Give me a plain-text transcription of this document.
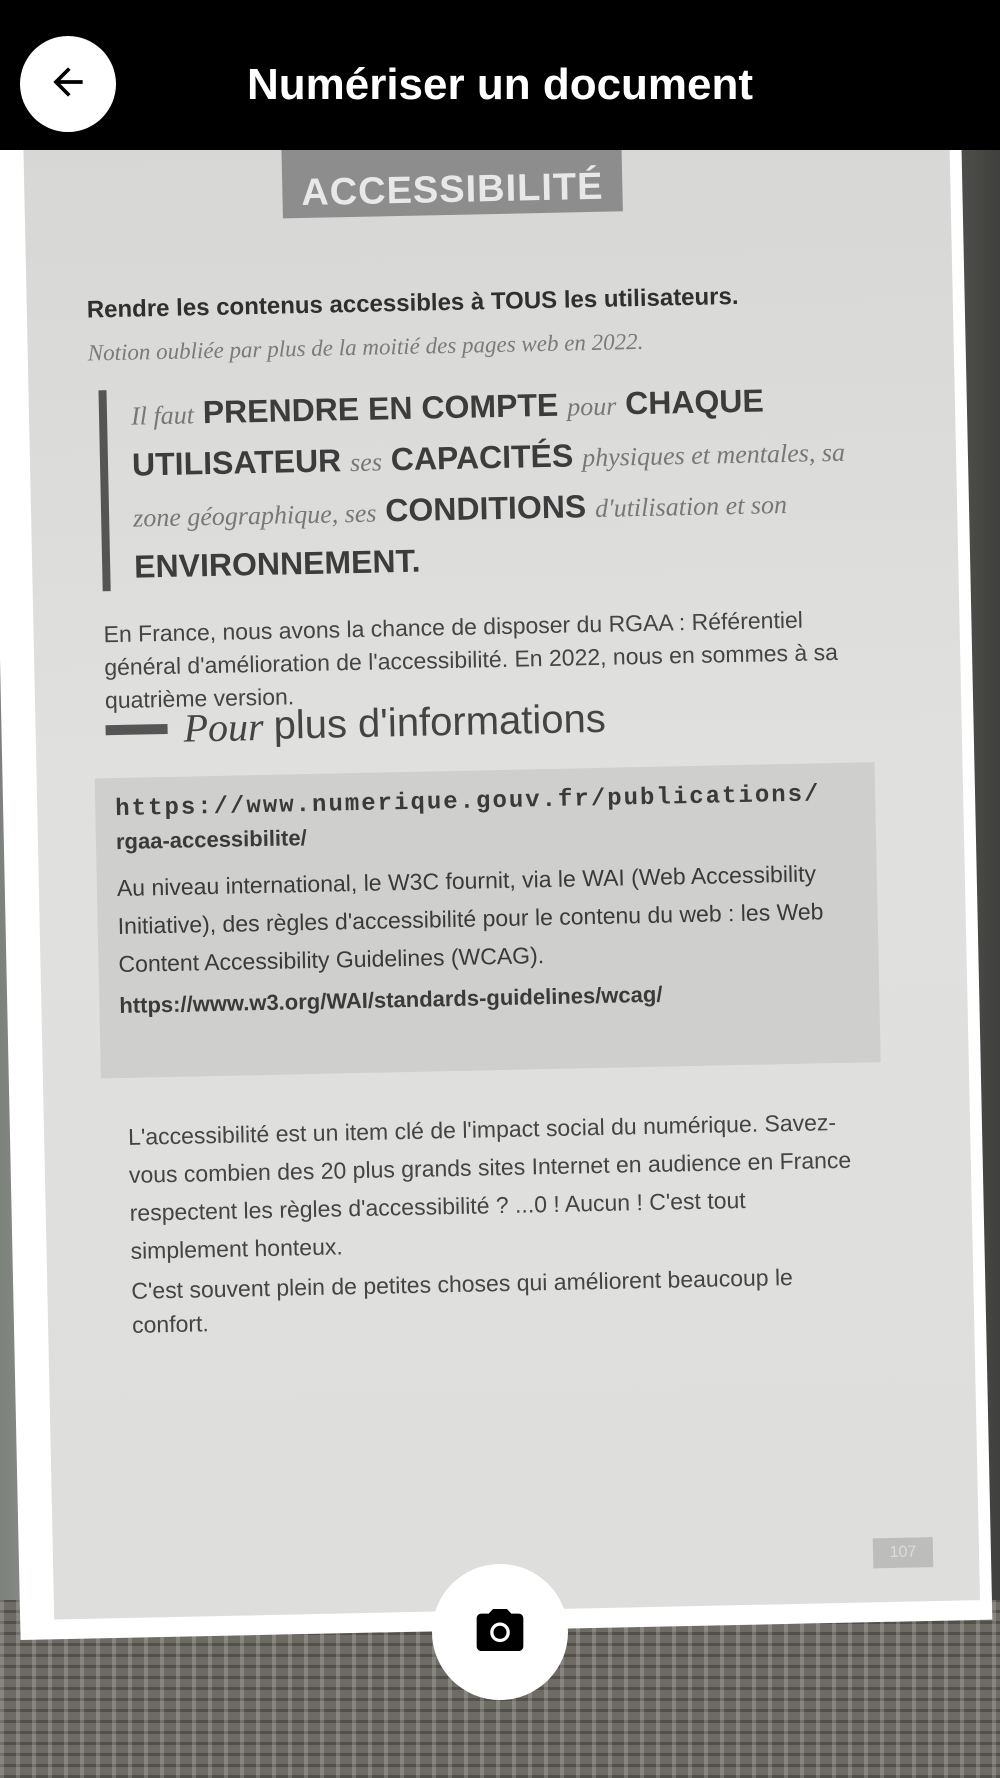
ACCESSIBILITÉ
Rendre les contenus accessibles à TOUS les utilisateurs.
Notion oubliée par plus de la moitié des pages web en 2022.
Il faut PRENDRE EN COMPTE pour CHAQUE UTILISATEUR ses CAPACITÉS physiques et mentales, sa zone géographique, ses CONDITIONS d'utilisation et son ENVIRONNEMENT.
En France, nous avons la chance de disposer du RGAA : Référentiel général d'amélioration de l'accessibilité. En 2022, nous en sommes à sa quatrième version.
Pour plus d'informations
https://www.numerique.gouv.fr/publications/
rgaa-accessibilite/
Au niveau international, le W3C fournit, via le WAI (Web Accessibility Initiative), des règles d'accessibilité pour le contenu du web : les Web Content Accessibility Guidelines (WCAG).
https://www.w3.org/WAI/standards-guidelines/wcag/
L'accessibilité est un item clé de l'impact social du numérique. Savez-vous combien des 20 plus grands sites Internet en audience en France respectent les règles d'accessibilité ? ...0 ! Aucun ! C'est tout simplement honteux.
C'est souvent plein de petites choses qui améliorent beaucoup le confort.
107
Numériser un document
